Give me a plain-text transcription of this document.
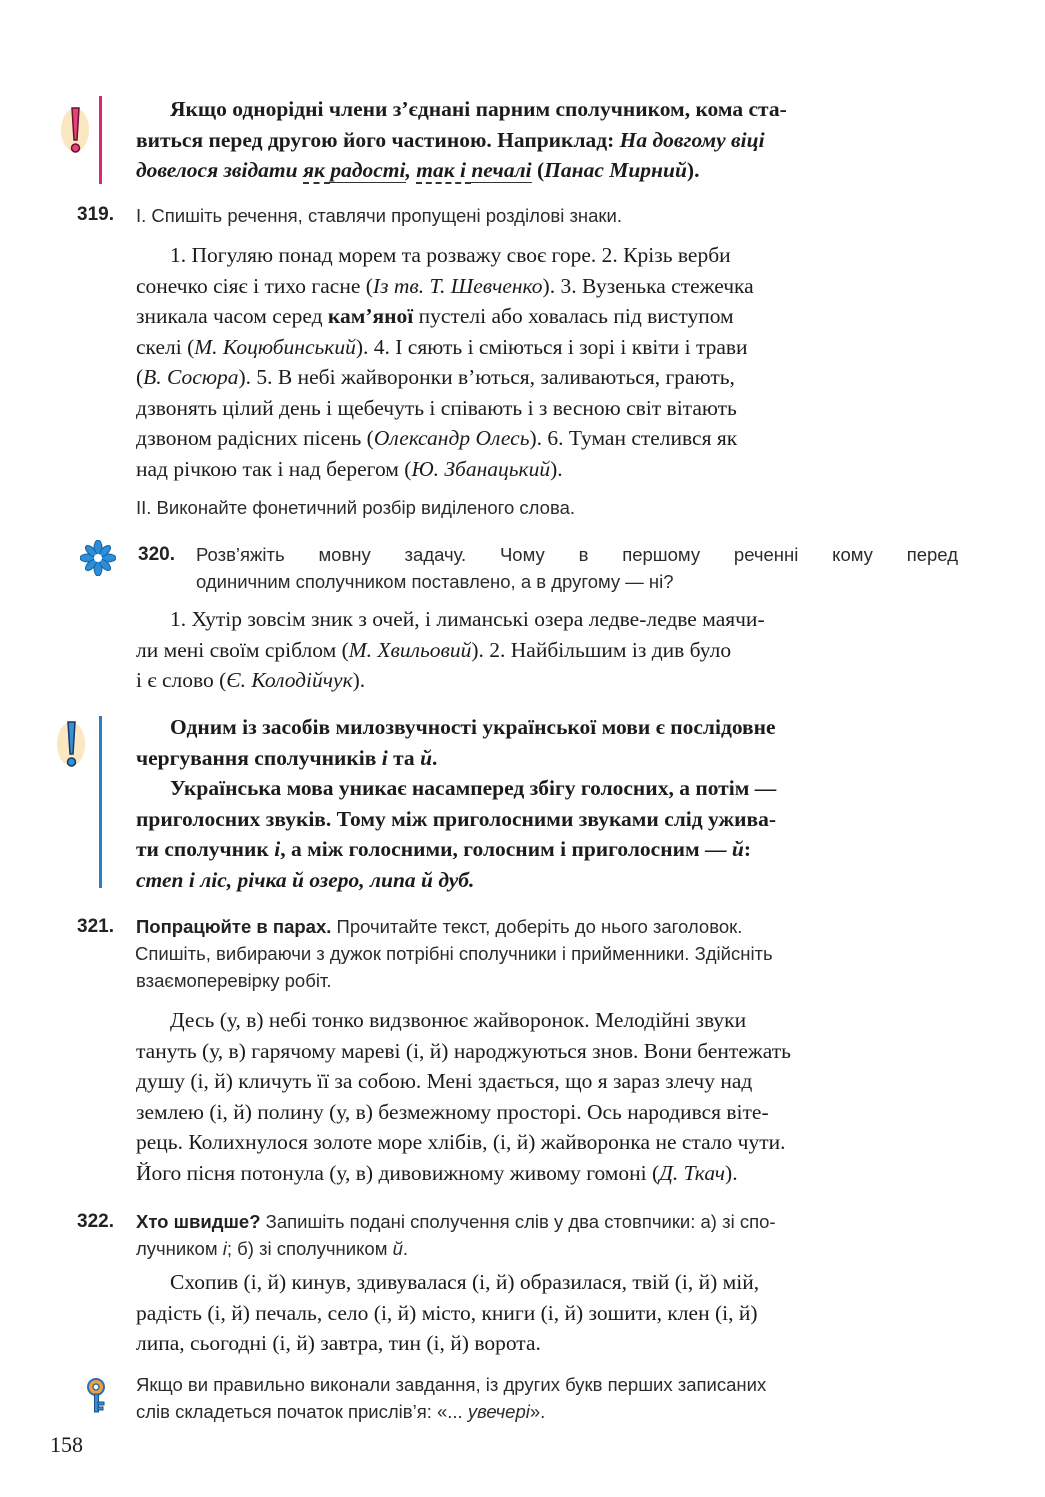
Якщо однорідні члени з’єднані парним сполучником, кома ста-
виться перед другою його частиною. Наприклад: На довгому віці
довелося звідати як радості, так і печалі (Панас Мирний).
319. І. Спишіть речення, ставлячи пропущені розділові знаки.
1. Погуляю понад морем та розважу своє горе. 2. Крізь верби
сонечко сіяє і тихо гасне (Із тв. Т. Шевченко). 3. Вузенька стежечка
зникала часом серед кам’яної пустелі або ховалась під виступом
скелі (М. Коцюбинський). 4. І сяють і сміються і зорі і квіти і трави
(В. Сосюра). 5. В небі жайворонки в’ються, заливаються, грають,
дзвонять цілий день і щебечуть і співають і з весною світ вітають
дзвоном радісних пісень (Олександр Олесь). 6. Туман стелився як
над річкою так і над берегом (Ю. Збанацький).
ІІ. Виконайте фонетичний розбір виділеного слова.
320. Розв’яжіть мовну задачу. Чому в першому реченні кому перед
одиничним сполучником поставлено, а в другому — ні?
1. Хутір зовсім зник з очей, і лиманські озера ледве-ледве маячи-
ли мені своїм сріблом (М. Хвильовий). 2. Найбільшим із див було
і є слово (Є. Колодійчук).
Одним із засобів милозвучності української мови є послідовне
чергування сполучників і та й.
Українська мова уникає насамперед збігу голосних, а потім —
приголосних звуків. Тому між приголосними звуками слід ужива-
ти сполучник і, а між голосними, голосним і приголосним — й:
степ і ліс, річка й озеро, липа й дуб.
321. Попрацюйте в парах. Прочитайте текст, доберіть до нього заголовок.
Спишіть, вибираючи з дужок потрібні сполучники і прийменники. Здійсніть
взаємоперевірку робіт.
Десь (у, в) небі тонко видзвонює жайворонок. Мелодійні звуки
тануть (у, в) гарячому мареві (і, й) народжуються знов. Вони бентежать
душу (і, й) кличуть її за собою. Мені здається, що я зараз злечу над
землею (і, й) полину (у, в) безмежному просторі. Ось народився віте-
рець. Колихнулося золоте море хлібів, (і, й) жайворонка не стало чути.
Його пісня потонула (у, в) дивовижному живому гомоні (Д. Ткач).
322. Хто швидше? Запишіть подані сполучення слів у два стовпчики: а) зі спо-
лучником і; б) зі сполучником й.
Схопив (і, й) кинув, здивувалася (і, й) образилася, твій (і, й) мій,
радість (і, й) печаль, село (і, й) місто, книги (і, й) зошити, клен (і, й)
липа, сьогодні (і, й) завтра, тин (і, й) ворота.
Якщо ви правильно виконали завдання, із других букв перших записаних
слів складеться початок прислів’я: «... увечері».
158
